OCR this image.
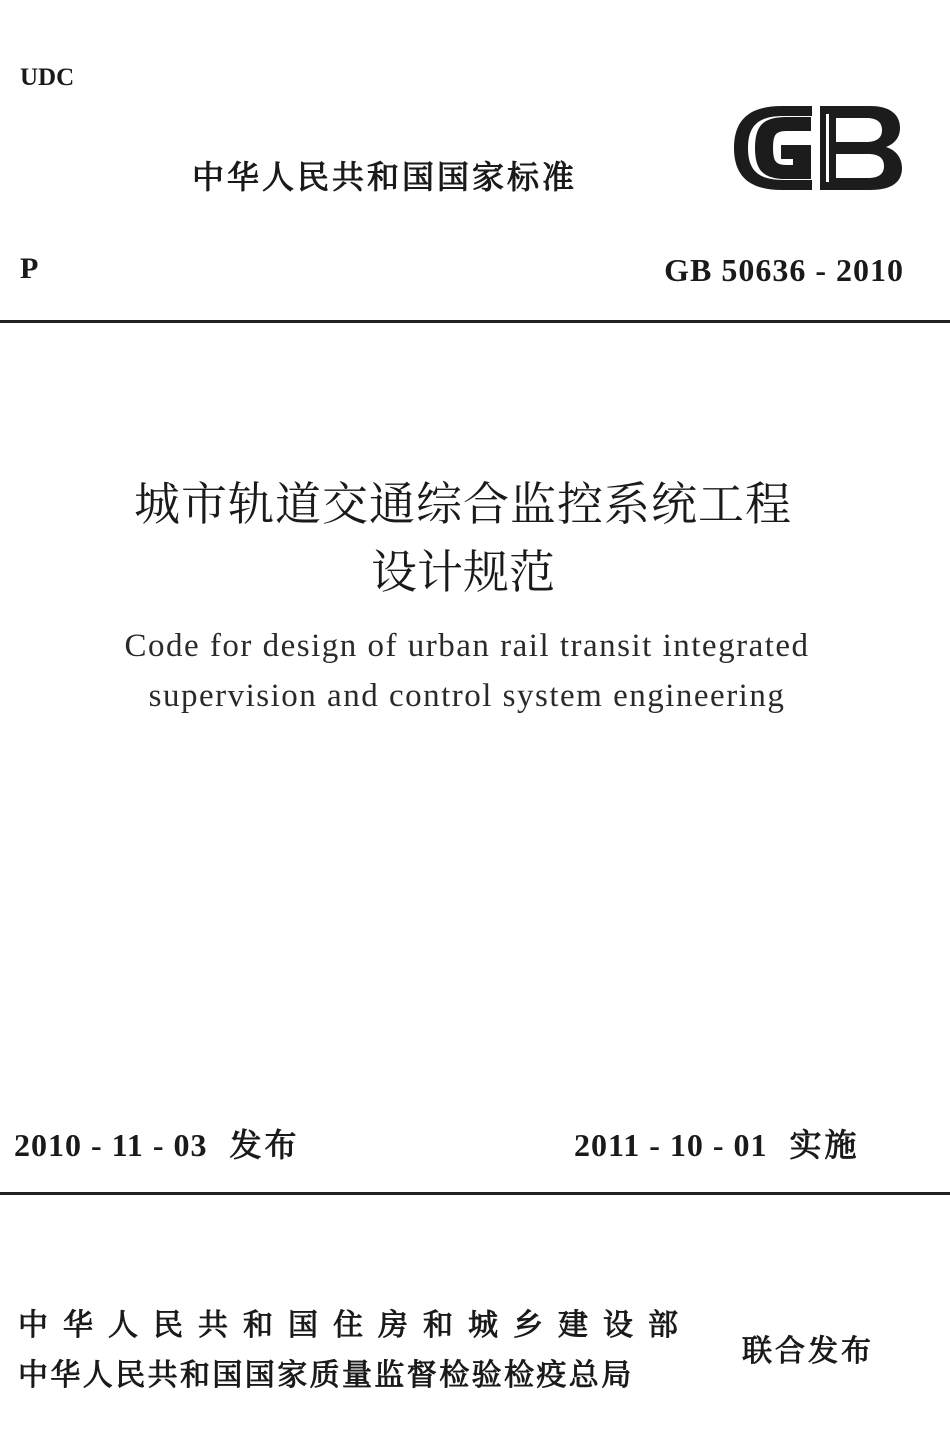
UDC
中华人民共和国国家标准
P	GB 50636 - 2010
城市轨道交通综合监控系统工程
设计规范
Code for design of urban rail transit integrated
supervision and control system engineering
2010 - 11 - 03 发布	2011 - 10 - 01 实施
中华人民共和国住房和城乡建设部
中华人民共和国国家质量监督检验检疫总局
联合发布
